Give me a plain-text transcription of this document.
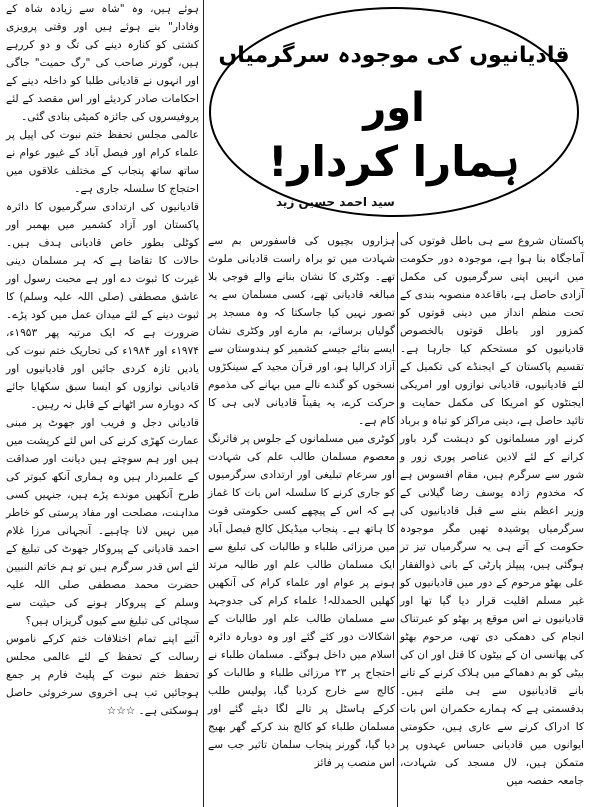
ہوئے ہیں، وہ "شاہ سے زیادہ شاہ کے وفادار" بنے ہوئے ہیں اور وقتی پرویزی کشتی کو کنارہ دینے کی تگ و دو کررہے ہیں، گورنر صاحب کی "رگ حمیت" جاگی اور انہوں نے قادیانی طلبا کو داخلہ دینے کے احکامات صادر کردیئے اور اس مقصد کے لئے پروفیسروں کی جائزہ کمیٹی بنادی گئی۔

عالمی مجلس تحفظ ختم نبوت کی اپیل پر علماء کرام اور فیصل آباد کے غیور عوام نے ساتھ ساتھ پنجاب کے مختلف علاقوں میں احتجاج کا سلسلہ جاری ہے۔

قادیانیوں کی ارتدادی سرگرمیوں کا دائرہ پاکستان اور آزاد کشمیر میں بھمبر اور کوٹلی بطور خاص قادیانی ہدف ہیں۔ حالات کا تقاضا ہے کہ ہر مسلمان دینی غیرت کا ثبوت دے اور ہے محبت رسول اور عاشق مصطفی (صلی اللہ علیہ وسلم) کا ثبوت دینے کے لئے میدان عمل میں کود پڑے۔ ضرورت ہے کہ ایک مرتبہ پھر ۱۹۵۳ء، ۱۹۷۴ء اور ۱۹۸۴ء کی تحاریک ختم نبوت کی یادیں تازہ کردی جائیں اور قادیانیوں اور قادیانی نوازوں کو ایسا سبق سکھایا جائے کہ دوبارہ سر اٹھانے کے قابل نہ رہیں۔

قادیانی دجل و فریب اور جھوٹ پر مبنی عمارت کھڑی کرنے کی اس لئے کرپشت میں ہیں اور ہم سوچتے ہیں دیانت اور صداقت کے علمبردار ہیں وہ ہماری آنکھ کبوتر کی طرح آنکھیں موندے پڑے ہیں، جنہیں کسی مداہنت، مصلحت اور مفاد پرستی کو خاطر میں نہیں لانا چاہیے۔ آنجہانی مرزا غلام احمد قادیانی کے پیروکار جھوٹ کی تبلیغ کے لئے اس قدر سرگرم ہیں تو ہم خاتم النبیین حضرت محمد مصطفی صلی اللہ علیہ وسلم کے پیروکار ہونے کی حیثیت سے سچائی کی تبلیغ سے کیوں گریزاں ہیں؟

آئیے اپنے تمام اختلافات ختم کرکے ناموس رسالت کے تحفظ کے لئے عالمی مجلس تحفظ ختم نبوت کے پلیٹ فارم پر جمع ہوجائیں تب ہی اخروی سرخروئی حاصل ہوسکتی ہے۔ ☆☆☆

قادیانیوں کی موجودہ سرگرمیاں
اور
ہمارا کردار!
سید احمد حسین زید

ہزاروں بچیوں کی فاسفورس بم سے شہادت میں تو براہ راست قادیانی ملوث تھے۔ وکٹری کا نشان بنانے والے فوجی بلا مبالغہ قادیانی تھے، کسی مسلمان سے یہ تصور نہیں کیا جاسکتا کہ وہ مسجد پر گولیاں برسائے، بم مارے اور وکٹری نشان ایسے بنائے جیسے کشمیر کو ہندوستان سے آزاد کرالیا ہو، اور قرآن مجید کے سینکڑوں نسخوں کو گندے نالے میں بہانے کی مذموم حرکت کرے، یہ یقیناً قادیانی لابی ہی کا کام ہے۔

کوٹری میں مسلمانوں کے جلوس پر فائرنگ معصوم مسلمان طالب علم کی شہادت اور سرعام تبلیغی اور ارتدادی سرگرمیوں کو جاری کرنے کا سلسلہ اس بات کا غماز ہے کہ اس کے پیچھے کسی حکومتی قوت کا ہاتھ ہے۔ پنجاب میڈیکل کالج فیصل آباد میں مرزائی طلباء و طالبات کی تبلیغ سے ایک مسلمان طالب علم اور طالبہ مرتد ہونے پر عوام اور علماء کرام کی آنکھیں کھلیں الحمدللہ! علماء کرام کی جدوجہد سے مسلمان طالب علم اور طالبات کے اشکالات دور کئے گئے اور وہ دوبارہ دائرہ اسلام میں داخل ہوگئے۔ مسلمان طلباء نے احتجاج پر ۲۳ مرزائی طلباء و طالبات کو کالج سے خارج کردیا گیا، پولیس طلب کرکے ہاسٹل پر تالے لگا دیئے گئے اور مسلمان طلباء کو کالج بند کرکے گھر بھیج دیا گیا، گورنر پنجاب سلمان تاثیر جب سے اس منصب پر فائز

پاکستان شروع سے ہی باطل قوتوں کی آماجگاہ بنا ہوا ہے، موجودہ دور حکومت میں انہیں اپنی سرگرمیوں کی مکمل آزادی حاصل ہے، باقاعدہ منصوبہ بندی کے تحت منظم انداز میں دینی قوتوں کو کمزور اور باطل قوتوں بالخصوص قادیانیوں کو مستحکم کیا جارہا ہے۔ تقسیم پاکستان کے ایجنڈے کی تکمیل کے لئے قادیانیوں، قادیانی نوازوں اور امریکی ایجنٹوں کو امریکا کی مکمل حمایت و تائید حاصل ہے، دینی مراکز کو تباہ و برباد کرنے اور مسلمانوں کو دہشت گرد باور کرانے کے لئے لادین عناصر پوری زور و شور سے سرگرم ہیں، مقام افسوس ہے کہ مخدوم زادہ یوسف رضا گیلانی کے وزیر اعظم بننے سے قبل قادیانیوں کی سرگرمیاں پوشیدہ تھیں مگر موجودہ حکومت کے آتے ہی یہ سرگرمیاں تیز تر ہوگئی ہیں، پیپلز پارٹی کے بانی ذوالفقار علی بھٹو مرحوم کے دور میں قادیانیوں کو غیر مسلم اقلیت قرار دیا گیا تھا اور قادیانیوں نے اس موقع پر بھٹو کو عبرتناک انجام کی دھمکی دی تھی، مرحوم بھٹو کی پھانسی ان کے بیٹوں کا قتل اور ان کی بیٹی کو بم دھماکے میں ہلاک کرنے کے تانے بانے قادیانیوں سے ہی ملتے ہیں۔ بدقسمتی ہے کہ ہمارے حکمران اس بات کا ادراک کرنے سے عاری ہیں، حکومتی ایوانوں میں قادیانی حساس عہدوں پر متمکن ہیں، لال مسجد کی شہادت، جامعہ حفصہ میں
